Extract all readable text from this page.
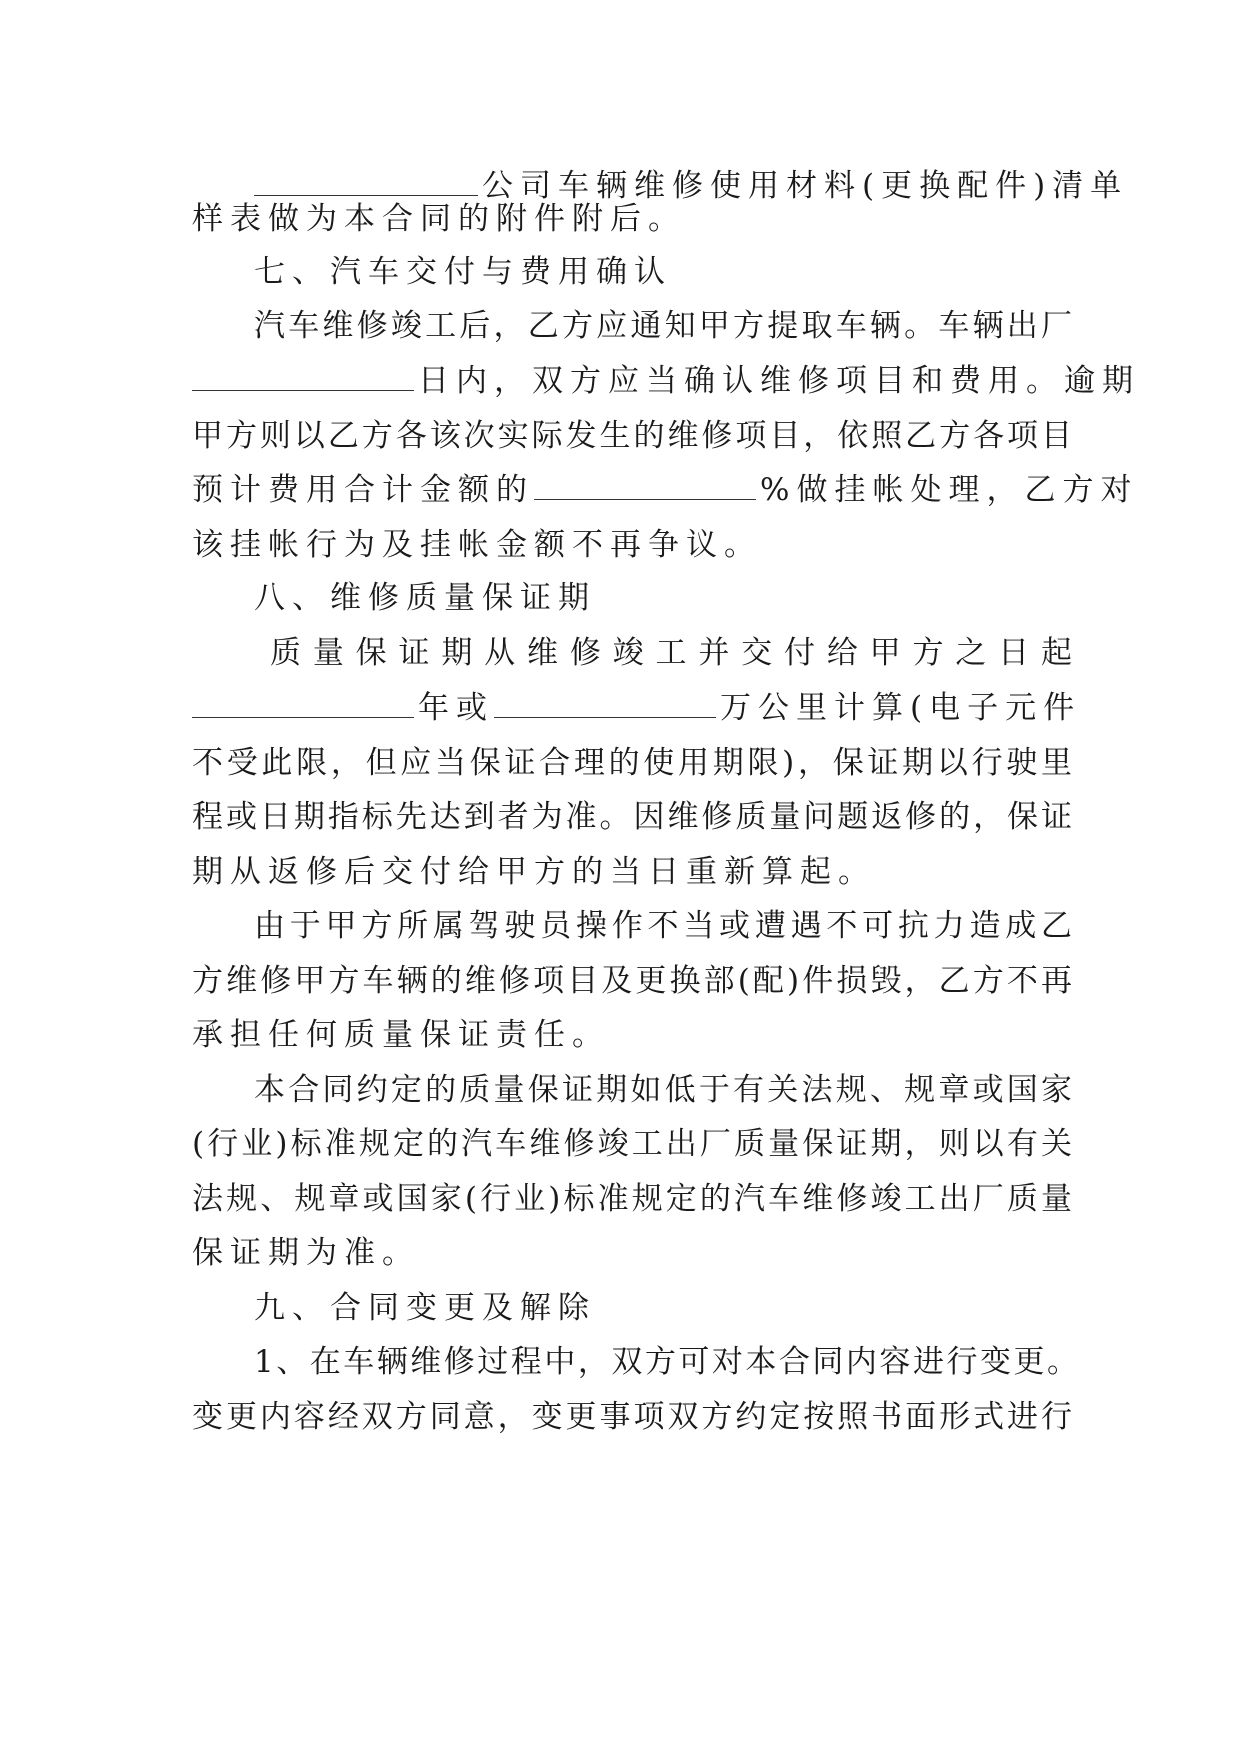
公司车辆维修使用材料(更换配件)清单
样表做为本合同的附件附后。
七、汽车交付与费用确认
汽车维修竣工后，乙方应通知甲方提取车辆。车辆出厂
日内，双方应当确认维修项目和费用。逾期
甲方则以乙方各该次实际发生的维修项目，依照乙方各项目
预计费用合计金额的	%做挂帐处理，乙方对
该挂帐行为及挂帐金额不再争议。
八、维修质量保证期
质量保证期从维修竣工并交付给甲方之日起
年或	万公里计算(电子元件
不受此限，但应当保证合理的使用期限)，保证期以行驶里
程或日期指标先达到者为准。因维修质量问题返修的，保证
期从返修后交付给甲方的当日重新算起。
由于甲方所属驾驶员操作不当或遭遇不可抗力造成乙
方维修甲方车辆的维修项目及更换部(配)件损毁，乙方不再
承担任何质量保证责任。
本合同约定的质量保证期如低于有关法规、规章或国家
(行业)标准规定的汽车维修竣工出厂质量保证期，则以有关
法规、规章或国家(行业)标准规定的汽车维修竣工出厂质量
保证期为准。
九、合同变更及解除
1、在车辆维修过程中，双方可对本合同内容进行变更。
变更内容经双方同意，变更事项双方约定按照书面形式进行
